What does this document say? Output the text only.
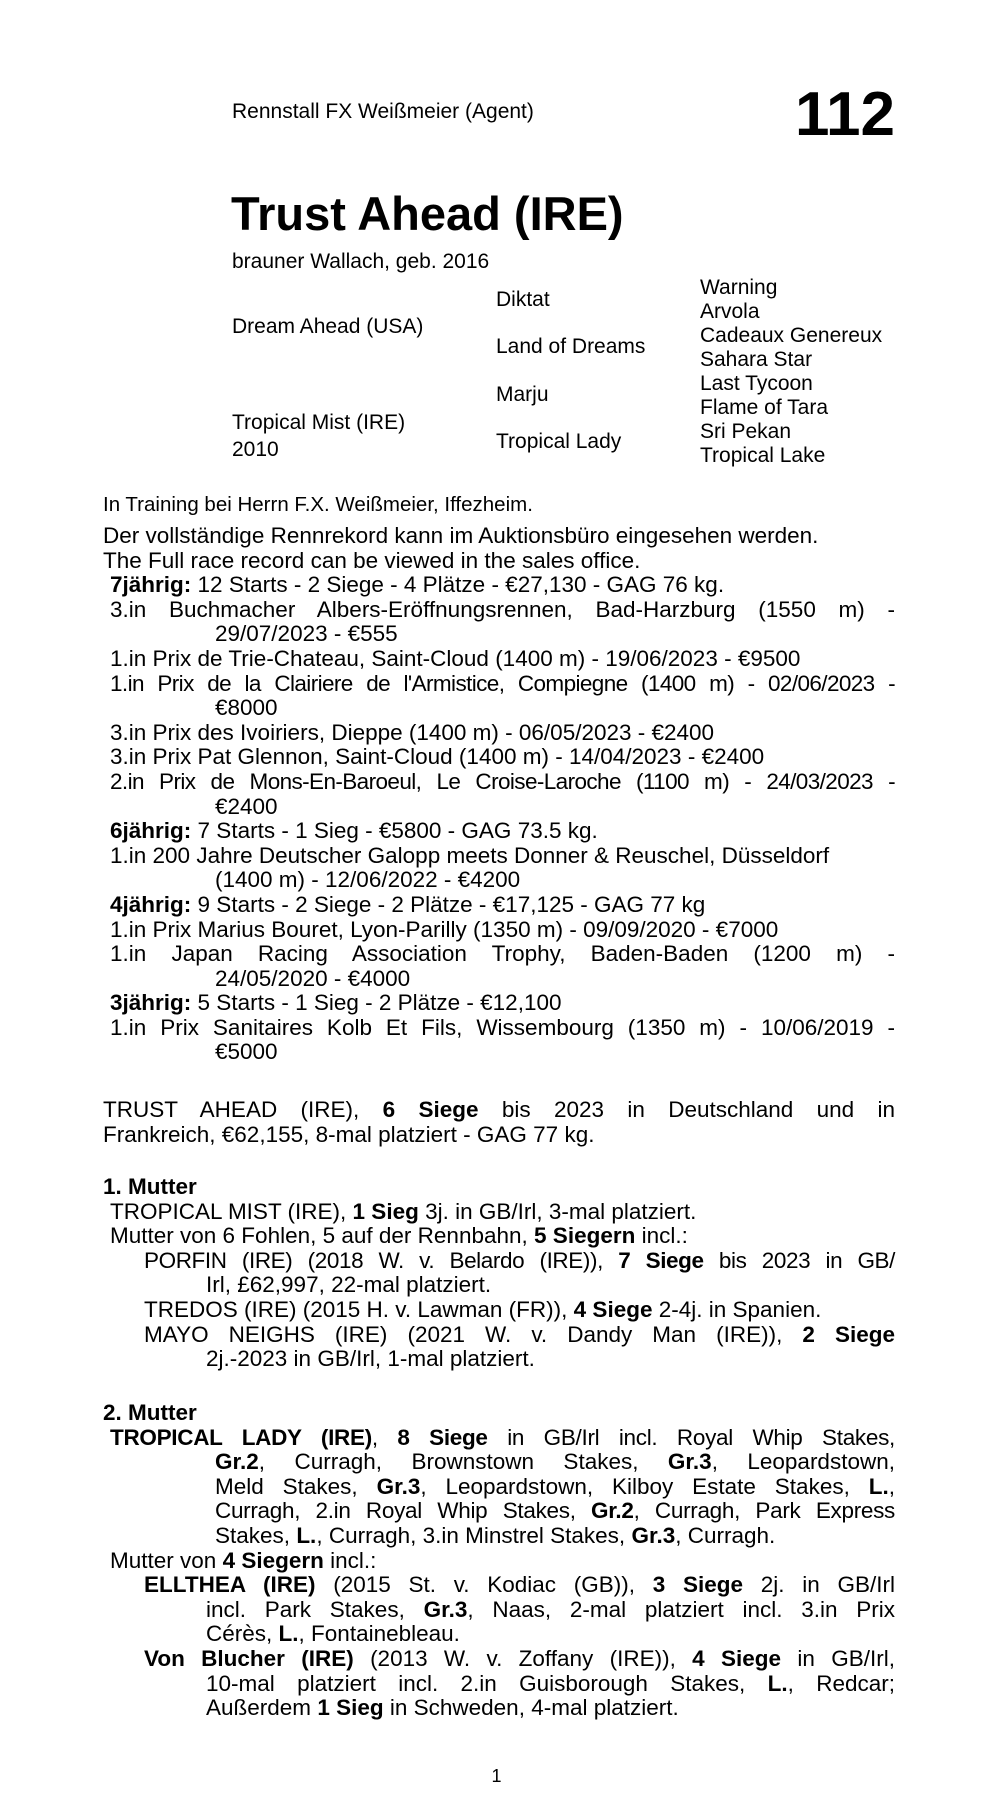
Rennstall FX Weißmeier (Agent)	112
Trust Ahead (IRE)
brauner Wallach, geb. 2016
Dream Ahead (USA)
Tropical Mist (IRE)
2010
Diktat
Land of Dreams
Marju
Tropical Lady
Warning
Arvola
Cadeaux Genereux
Sahara Star
Last Tycoon
Flame of Tara
Sri Pekan
Tropical Lake
In Training bei Herrn F.X. Weißmeier, Iffezheim.
Der vollständige Rennrekord kann im Auktionsbüro eingesehen werden.
The Full race record can be viewed in the sales office.
7jährig: 12 Starts - 2 Siege - 4 Plätze - €27,130 - GAG 76 kg.
3.in Buchmacher Albers-Eröffnungsrennen, Bad-Harzburg (1550 m) -
29/07/2023 - €555
1.in Prix de Trie-Chateau, Saint-Cloud (1400 m) - 19/06/2023 - €9500
1.in Prix de la Clairiere de l'Armistice, Compiegne (1400 m) - 02/06/2023 -
€8000
3.in Prix des Ivoiriers, Dieppe (1400 m) - 06/05/2023 - €2400
3.in Prix Pat Glennon, Saint-Cloud (1400 m) - 14/04/2023 - €2400
2.in Prix de Mons-En-Baroeul, Le Croise-Laroche (1100 m) - 24/03/2023 -
€2400
6jährig: 7 Starts - 1 Sieg - €5800 - GAG 73.5 kg.
1.in 200 Jahre Deutscher Galopp meets Donner & Reuschel, Düsseldorf
(1400 m) - 12/06/2022 - €4200
4jährig: 9 Starts - 2 Siege - 2 Plätze - €17,125 - GAG 77 kg
1.in Prix Marius Bouret, Lyon-Parilly (1350 m) - 09/09/2020 - €7000
1.in Japan Racing Association Trophy, Baden-Baden (1200 m) -
24/05/2020 - €4000
3jährig: 5 Starts - 1 Sieg - 2 Plätze - €12,100
1.in Prix Sanitaires Kolb Et Fils, Wissembourg (1350 m) - 10/06/2019 -
€5000
TRUST AHEAD (IRE), 6 Siege bis 2023 in Deutschland und in
Frankreich, €62,155, 8-mal platziert - GAG 77 kg.
1. Mutter
TROPICAL MIST (IRE), 1 Sieg 3j. in GB/Irl, 3-mal platziert.
Mutter von 6 Fohlen, 5 auf der Rennbahn, 5 Siegern incl.:
PORFIN (IRE) (2018 W. v. Belardo (IRE)), 7 Siege bis 2023 in GB/
Irl, £62,997, 22-mal platziert.
TREDOS (IRE) (2015 H. v. Lawman (FR)), 4 Siege 2-4j. in Spanien.
MAYO NEIGHS (IRE) (2021 W. v. Dandy Man (IRE)), 2 Siege
2j.-2023 in GB/Irl, 1-mal platziert.
2. Mutter
TROPICAL LADY (IRE), 8 Siege in GB/Irl incl. Royal Whip Stakes,
Gr.2, Curragh, Brownstown Stakes, Gr.3, Leopardstown,
Meld Stakes, Gr.3, Leopardstown, Kilboy Estate Stakes, L.,
Curragh, 2.in Royal Whip Stakes, Gr.2, Curragh, Park Express
Stakes, L., Curragh, 3.in Minstrel Stakes, Gr.3, Curragh.
Mutter von 4 Siegern incl.:
ELLTHEA (IRE) (2015 St. v. Kodiac (GB)), 3 Siege 2j. in GB/Irl
incl. Park Stakes, Gr.3, Naas, 2-mal platziert incl. 3.in Prix
Cérès, L., Fontainebleau.
Von Blucher (IRE) (2013 W. v. Zoffany (IRE)), 4 Siege in GB/Irl,
10-mal platziert incl. 2.in Guisborough Stakes, L., Redcar;
Außerdem 1 Sieg in Schweden, 4-mal platziert.
1
